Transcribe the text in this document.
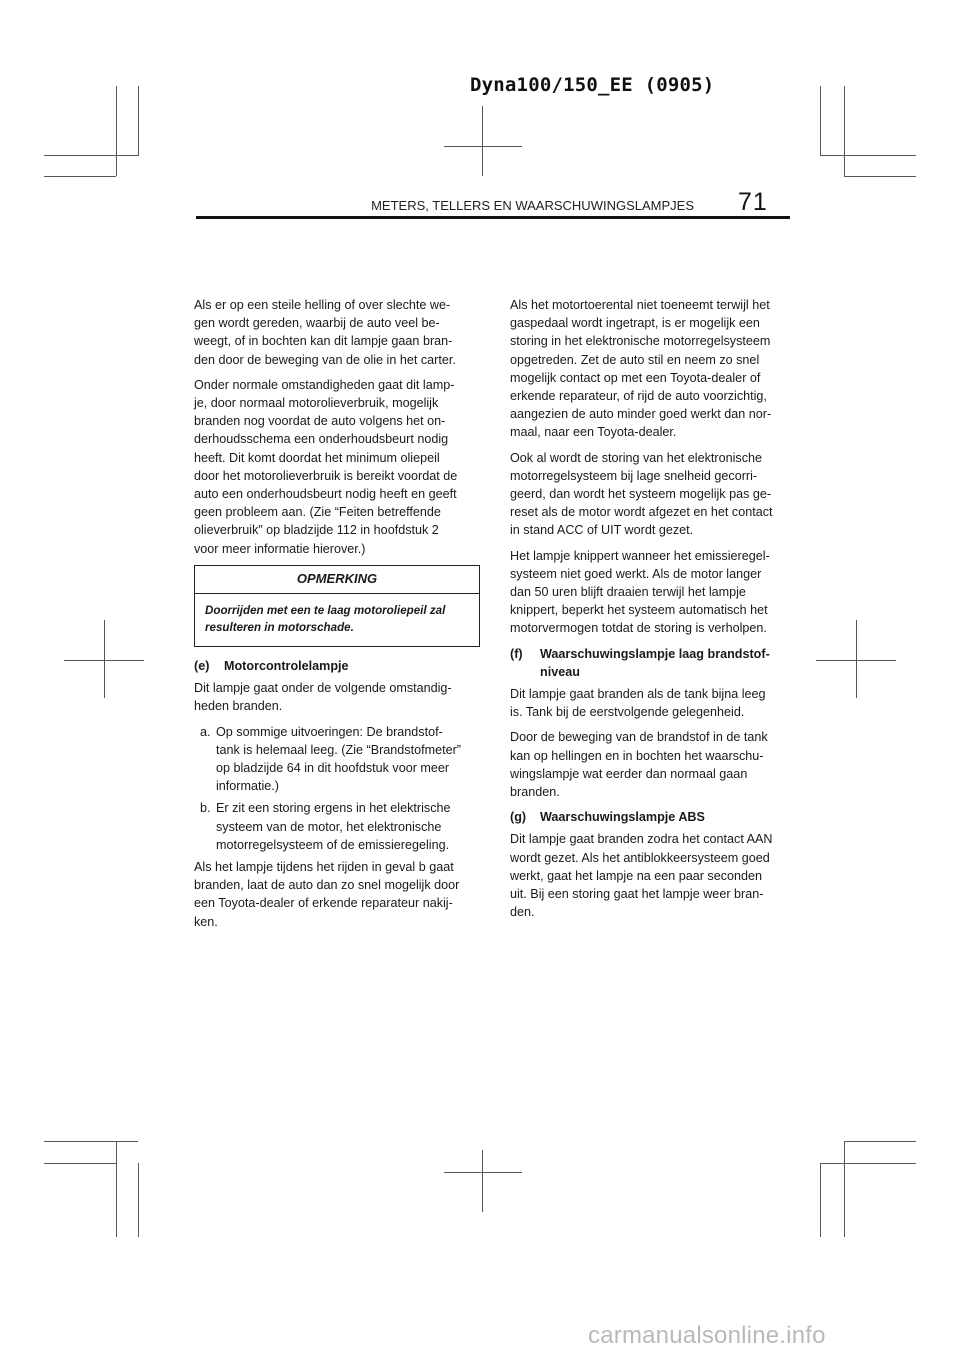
Dyna100/150_EE (0905)
METERS, TELLERS EN WAARSCHUWINGSLAMPJES 71

Als er op een steile helling of over slechte we-
gen wordt gereden, waarbij de auto veel be-
weegt, of in bochten kan dit lampje gaan bran-
den door de beweging van de olie in het carter.

Onder normale omstandigheden gaat dit lamp-
je, door normaal motorolieverbruik, mogelijk
branden nog voordat de auto volgens het on-
derhoudsschema een onderhoudsbeurt nodig
heeft. Dit komt doordat het minimum oliepeil
door het motorolieverbruik is bereikt voordat de
auto een onderhoudsbeurt nodig heeft en geeft
geen probleem aan. (Zie “Feiten betreffende
olieverbruik” op bladzijde 112 in hoofdstuk 2
voor meer informatie hierover.)

OPMERKING
Doorrijden met een te laag motoroliepeil zal
resulteren in motorschade.
(e) Motorcontrolelampje

Dit lampje gaat onder de volgende omstandig-
heden branden.

a. Op sommige uitvoeringen: De brandstof-
tank is helemaal leeg. (Zie “Brandstofmeter”
op bladzijde 64 in dit hoofdstuk voor meer
informatie.)
b. Er zit een storing ergens in het elektrische
systeem van de motor, het elektronische
motorregelsysteem of de emissieregeling.

Als het lampje tijdens het rijden in geval b gaat
branden, laat de auto dan zo snel mogelijk door
een Toyota-dealer of erkende reparateur nakij-
ken.

Als het motortoerental niet toeneemt terwijl het
gaspedaal wordt ingetrapt, is er mogelijk een
storing in het elektronische motorregelsysteem
opgetreden. Zet de auto stil en neem zo snel
mogelijk contact op met een Toyota-dealer of
erkende reparateur, of rijd de auto voorzichtig,
aangezien de auto minder goed werkt dan nor-
maal, naar een Toyota-dealer.

Ook al wordt de storing van het elektronische
motorregelsysteem bij lage snelheid gecorri-
geerd, dan wordt het systeem mogelijk pas ge-
reset als de motor wordt afgezet en het contact
in stand ACC of UIT wordt gezet.

Het lampje knippert wanneer het emissieregel-
systeem niet goed werkt. Als de motor langer
dan 50 uren blijft draaien terwijl het lampje
knippert, beperkt het systeem automatisch het
motorvermogen totdat de storing is verholpen.

(f)	Waarschuwingslampje laag brandstof-
niveau

Dit lampje gaat branden als de tank bijna leeg
is. Tank bij de eerstvolgende gelegenheid.

Door de beweging van de brandstof in de tank
kan op hellingen en in bochten het waarschu-
wingslampje wat eerder dan normaal gaan
branden.

(g) Waarschuwingslampje ABS

Dit lampje gaat branden zodra het contact AAN
wordt gezet. Als het antiblokkeersysteem goed
werkt, gaat het lampje na een paar seconden
uit. Bij een storing gaat het lampje weer bran-
den.

carmanualsonline.info
